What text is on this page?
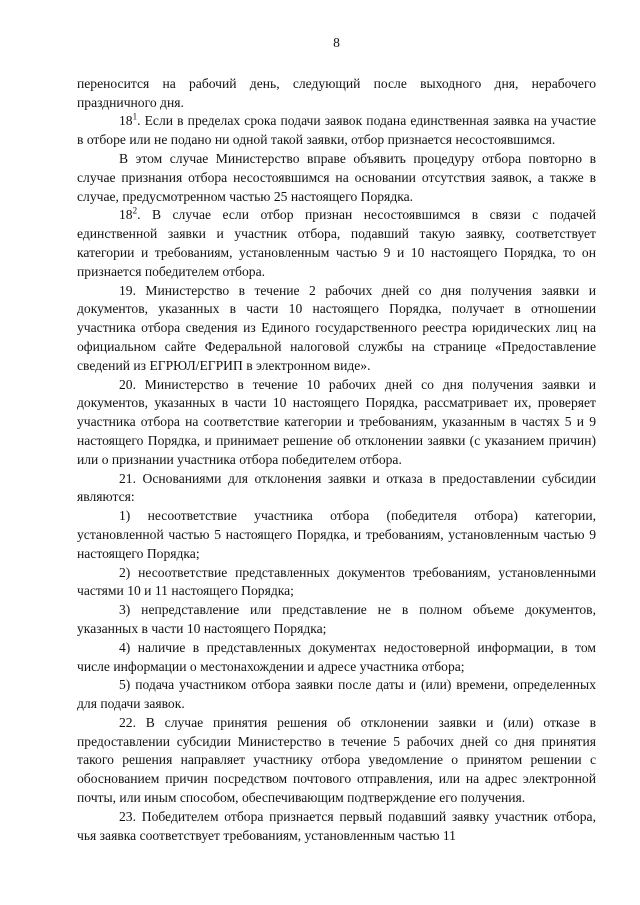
8

переносится на рабочий день, следующий после выходного дня, нерабочего праздничного дня.

$18^1$. Если в пределах срока подачи заявок подана единственная заявка на участие в отборе или не подано ни одной такой заявки, отбор признается несостоявшимся.

В этом случае Министерство вправе объявить процедуру отбора повторно в случае признания отбора несостоявшимся на основании отсутствия заявок, а также в случае, предусмотренном частью 25 настоящего Порядка.

$18^2$. В случае если отбор признан несостоявшимся в связи с подачей единственной заявки и участник отбора, подавший такую заявку, соответствует категории и требованиям, установленным частью 9 и 10 настоящего Порядка, то он признается победителем отбора.

19. Министерство в течение 2 рабочих дней со дня получения заявки и документов, указанных в части 10 настоящего Порядка, получает в отношении участника отбора сведения из Единого государственного реестра юридических лиц на официальном сайте Федеральной налоговой службы на странице «Предоставление сведений из ЕГРЮЛ/ЕГРИП в электронном виде».

20. Министерство в течение 10 рабочих дней со дня получения заявки и документов, указанных в части 10 настоящего Порядка, рассматривает их, проверяет участника отбора на соответствие категории и требованиям, указанным в частях 5 и 9 настоящего Порядка, и принимает решение об отклонении заявки (с указанием причин) или о признании участника отбора победителем отбора.

21. Основаниями для отклонения заявки и отказа в предоставлении субсидии являются:

1) несоответствие участника отбора (победителя отбора) категории, установленной частью 5 настоящего Порядка, и требованиям, установленным частью 9 настоящего Порядка;

2) несоответствие представленных документов требованиям, установленными частями 10 и 11 настоящего Порядка;

3) непредставление или представление не в полном объеме документов, указанных в части 10 настоящего Порядка;

4) наличие в представленных документах недостоверной информации, в том числе информации о местонахождении и адресе участника отбора;

5) подача участником отбора заявки после даты и (или) времени, определенных для подачи заявок.

22. В случае принятия решения об отклонении заявки и (или) отказе в предоставлении субсидии Министерство в течение 5 рабочих дней со дня принятия такого решения направляет участнику отбора уведомление о принятом решении с обоснованием причин посредством почтового отправления, или на адрес электронной почты, или иным способом, обеспечивающим подтверждение его получения.

23. Победителем отбора признается первый подавший заявку участник отбора, чья заявка соответствует требованиям, установленным частью 11
